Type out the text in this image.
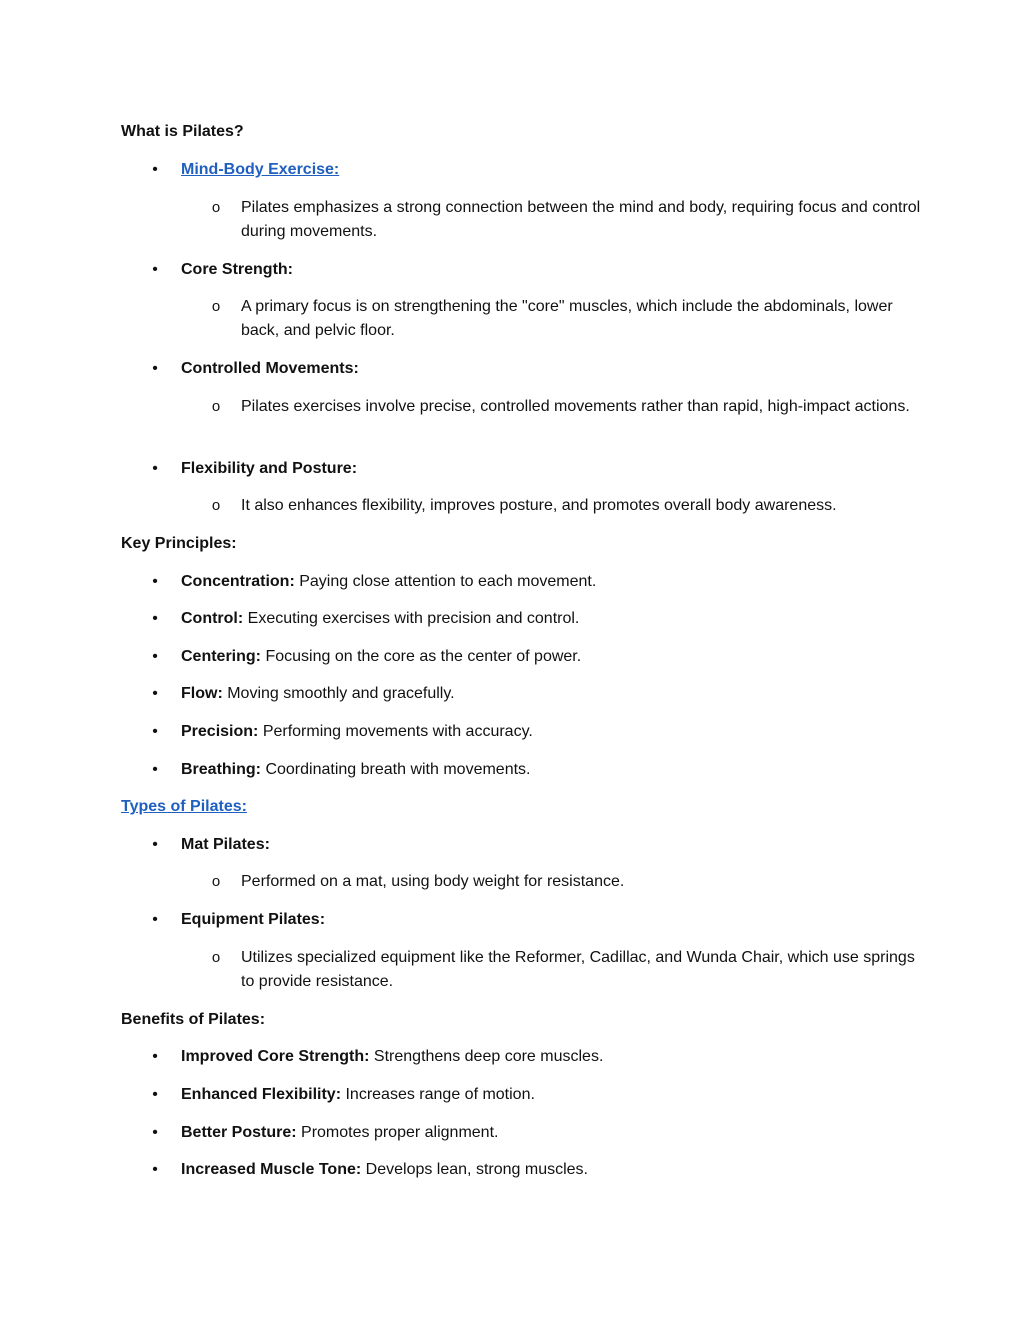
What is Pilates?
• Mind-Body Exercise:
o Pilates emphasizes a strong connection between the mind and body, requiring focus and control during movements.
• Core Strength:
o A primary focus is on strengthening the "core" muscles, which include the abdominals, lower back, and pelvic floor.
• Controlled Movements:
o Pilates exercises involve precise, controlled movements rather than rapid, high-impact actions.
• Flexibility and Posture:
o It also enhances flexibility, improves posture, and promotes overall body awareness.
Key Principles:
• Concentration: Paying close attention to each movement.
• Control: Executing exercises with precision and control.
• Centering: Focusing on the core as the center of power.
• Flow: Moving smoothly and gracefully.
• Precision: Performing movements with accuracy.
• Breathing: Coordinating breath with movements.
Types of Pilates:
• Mat Pilates:
o Performed on a mat, using body weight for resistance.
• Equipment Pilates:
o Utilizes specialized equipment like the Reformer, Cadillac, and Wunda Chair, which use springs to provide resistance.
Benefits of Pilates:
• Improved Core Strength: Strengthens deep core muscles.
• Enhanced Flexibility: Increases range of motion.
• Better Posture: Promotes proper alignment.
• Increased Muscle Tone: Develops lean, strong muscles.
